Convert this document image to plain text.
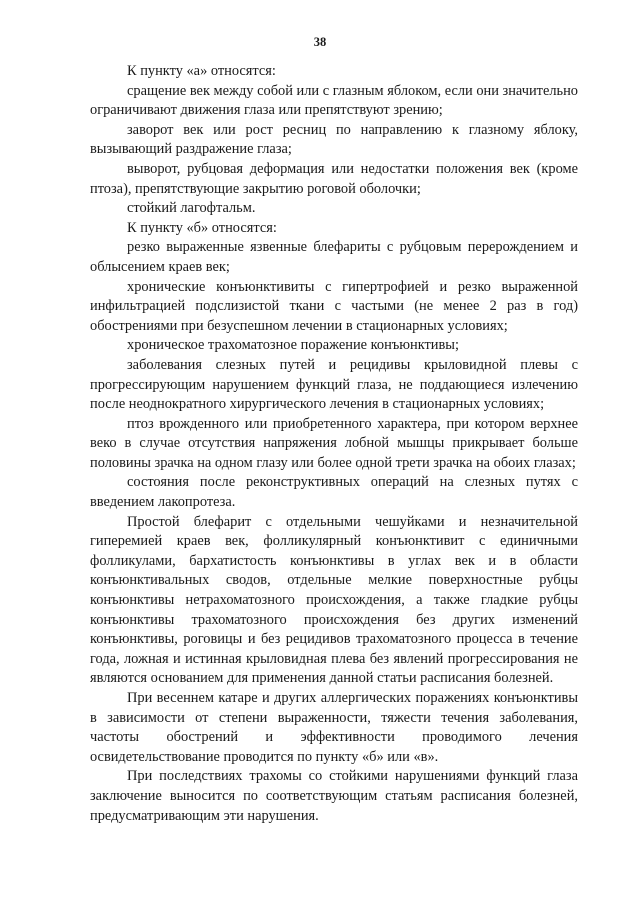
38

К пункту «а» относятся:

сращение век между собой или с глазным яблоком, если они значительно ограничивают движения глаза или препятствуют зрению;

заворот век или рост ресниц по направлению к глазному яблоку, вызывающий раздражение глаза;

выворот, рубцовая деформация или недостатки положения век (кроме птоза), препятствующие закрытию роговой оболочки;

стойкий лагофтальм.

К пункту «б» относятся:

резко выраженные язвенные блефариты с рубцовым перерождением и облысением краев век;

хронические конъюнктивиты с гипертрофией и резко выраженной инфильтрацией подслизистой ткани с частыми (не менее 2 раз в год) обострениями при безуспешном лечении в стационарных условиях;

хроническое трахоматозное поражение конъюнктивы;

заболевания слезных путей и рецидивы крыловидной плевы с прогрессирующим нарушением функций глаза, не поддающиеся излечению после неоднократного хирургического лечения в стационарных условиях;

птоз врожденного или приобретенного характера, при котором верхнее веко в случае отсутствия напряжения лобной мышцы прикрывает больше половины зрачка на одном глазу или более одной трети зрачка на обоих глазах;

состояния после реконструктивных операций на слезных путях с введением лакопротеза.

Простой блефарит с отдельными чешуйками и незначительной гиперемией краев век, фолликулярный конъюнктивит с единичными фолликулами, бархатистость конъюнктивы в углах век и в области конъюнктивальных сводов, отдельные мелкие поверхностные рубцы конъюнктивы нетрахоматозного происхождения, а также гладкие рубцы конъюнктивы трахоматозного происхождения без других изменений конъюнктивы, роговицы и без рецидивов трахоматозного процесса в течение года, ложная и истинная крыловидная плева без явлений прогрессирования не являются основанием для применения данной статьи расписания болезней.

При весеннем катаре и других аллергических поражениях конъюнктивы в зависимости от степени выраженности, тяжести течения заболевания, частоты обострений и эффективности проводимого лечения освидетельствование проводится по пункту «б» или «в».

При последствиях трахомы со стойкими нарушениями функций глаза заключение выносится по соответствующим статьям расписания болезней, предусматривающим эти нарушения.
